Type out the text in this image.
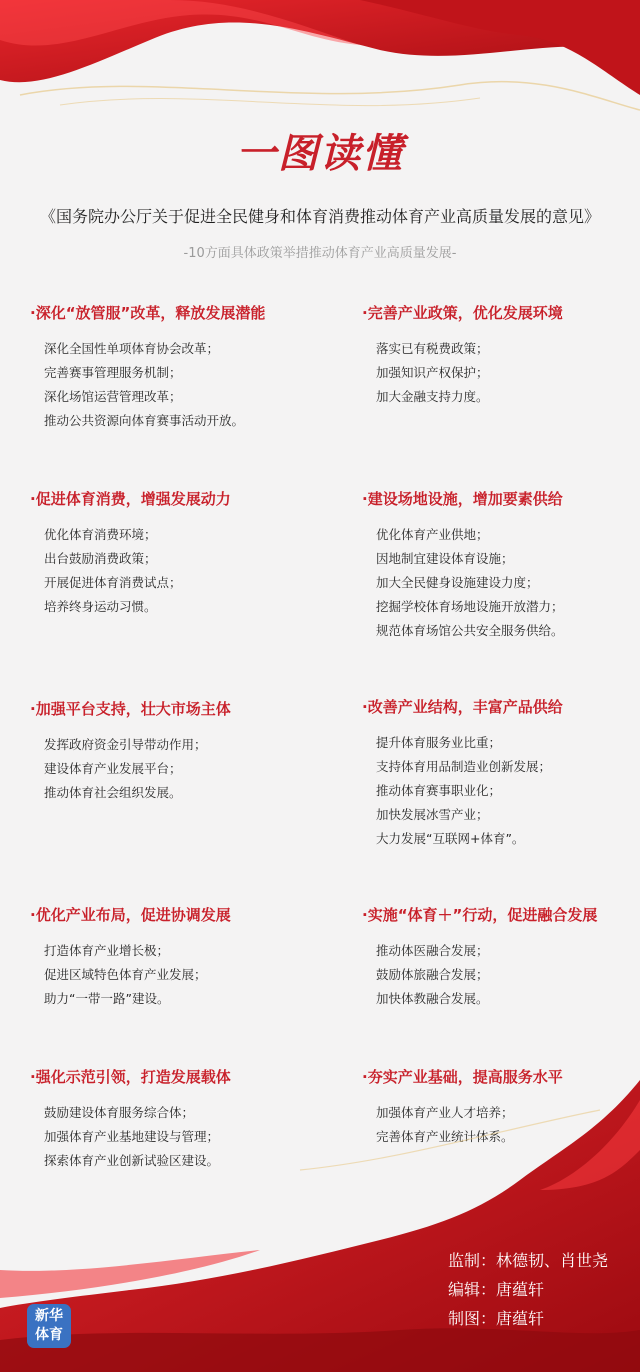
一图读懂
《国务院办公厅关于促进全民健身和体育消费推动体育产业高质量发展的意见》
-10方面具体政策举措推动体育产业高质量发展-
·深化“放管服”改革，释放发展潜能
深化全国性单项体育协会改革；
完善赛事管理服务机制；
深化场馆运营管理改革；
推动公共资源向体育赛事活动开放。
·完善产业政策，优化发展环境
落实已有税费政策；
加强知识产权保护；
加大金融支持力度。
·促进体育消费，增强发展动力
优化体育消费环境；
出台鼓励消费政策；
开展促进体育消费试点；
培养终身运动习惯。
·建设场地设施，增加要素供给
优化体育产业供地；
因地制宜建设体育设施；
加大全民健身设施建设力度；
挖掘学校体育场地设施开放潜力；
规范体育场馆公共安全服务供给。
·加强平台支持，壮大市场主体
发挥政府资金引导带动作用；
建设体育产业发展平台；
推动体育社会组织发展。
·改善产业结构，丰富产品供给
提升体育服务业比重；
支持体育用品制造业创新发展；
推动体育赛事职业化；
加快发展冰雪产业；
大力发展“互联网+体育”。
·优化产业布局，促进协调发展
打造体育产业增长极；
促进区域特色体育产业发展；
助力“一带一路”建设。
·实施“体育＋”行动，促进融合发展
推动体医融合发展；
鼓励体旅融合发展；
加快体教融合发展。
·强化示范引领，打造发展载体
鼓励建设体育服务综合体；
加强体育产业基地建设与管理；
探索体育产业创新试验区建设。
·夯实产业基础，提高服务水平
加强体育产业人才培养；
完善体育产业统计体系。
监制：林德韧、肖世尧
编辑：唐蕴轩
制图：唐蕴轩
新华
体育
